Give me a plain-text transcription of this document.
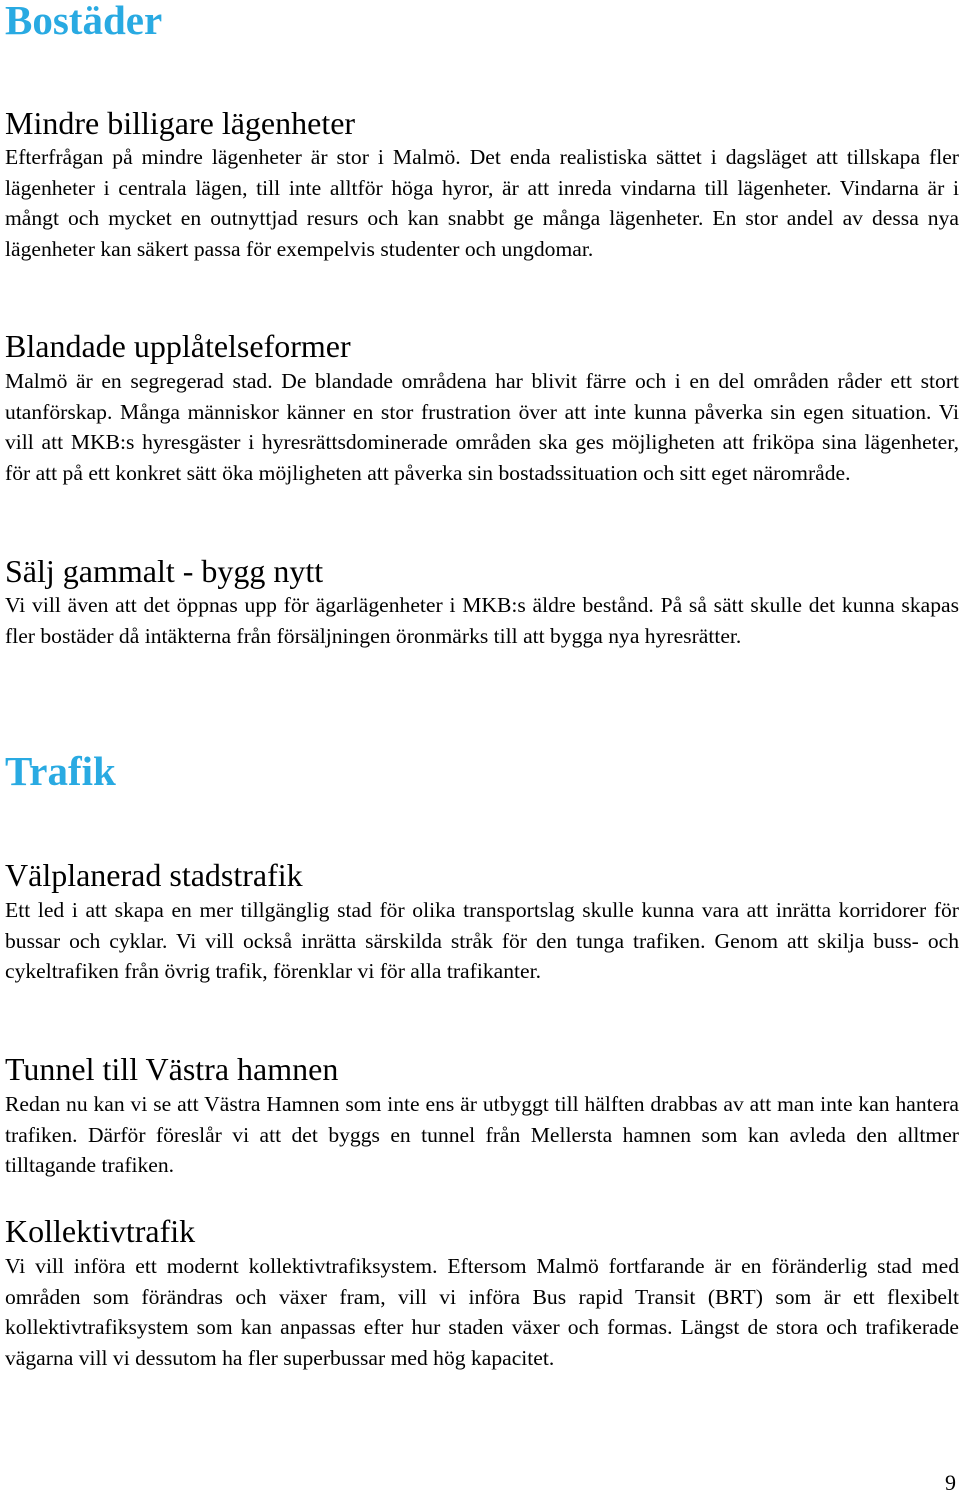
Bostäder
Mindre billigare lägenheter

Efterfrågan på mindre lägenheter är stor i Malmö. Det enda realistiska sättet i dagsläget att tillskapa fler lägenheter i centrala lägen, till inte alltför höga hyror, är att inreda vindarna till lägenheter. Vindarna är i mångt och mycket en outnyttjad resurs och kan snabbt ge många lägenheter. En stor andel av dessa nya lägenheter kan säkert passa för exempelvis studenter och ungdomar.

Blandade upplåtelseformer

Malmö är en segregerad stad. De blandade områdena har blivit färre och i en del områden råder ett stort utanförskap. Många människor känner en stor frustration över att inte kunna påverka sin egen situation. Vi vill att MKB:s hyresgäster i hyresrättsdominerade områden ska ges möjligheten att friköpa sina lägenheter, för att på ett konkret sätt öka möjligheten att påverka sin bostadssituation och sitt eget närområde.

Sälj gammalt - bygg nytt

Vi vill även att det öppnas upp för ägarlägenheter i MKB:s äldre bestånd. På så sätt skulle det kunna skapas fler bostäder då intäkterna från försäljningen öronmärks till att bygga nya hyresrätter.

Trafik
Välplanerad stadstrafik

Ett led i att skapa en mer tillgänglig stad för olika transportslag skulle kunna vara att inrätta korridorer för bussar och cyklar. Vi vill också inrätta särskilda stråk för den tunga trafiken. Genom att skilja buss- och cykeltrafiken från övrig trafik, förenklar vi för alla trafikanter.

Tunnel till Västra hamnen

Redan nu kan vi se att Västra Hamnen som inte ens är utbyggt till hälften drabbas av att man inte kan hantera trafiken. Därför föreslår vi att det byggs en tunnel från Mellersta hamnen som kan avleda den alltmer tilltagande trafiken.

Kollektivtrafik

Vi vill införa ett modernt kollektivtrafiksystem. Eftersom Malmö fortfarande är en föränderlig stad med områden som förändras och växer fram, vill vi införa Bus rapid Transit (BRT) som är ett flexibelt kollektivtrafiksystem som kan anpassas efter hur staden växer och formas. Längst de stora och trafikerade vägarna vill vi dessutom ha fler superbussar med hög kapacitet.

9
